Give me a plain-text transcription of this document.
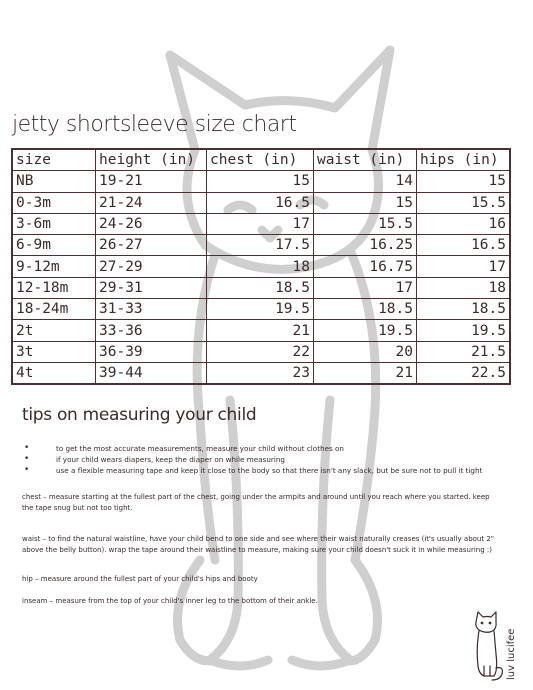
jetty shortsleeve size chart
size	height (in)	chest (in)	waist (in)	hips (in)
NB	19-21	15	14	15
0-3m	21-24	16.5	15	15.5
3-6m	24-26	17	15.5	16
6-9m	26-27	17.5	16.25	16.5
9-12m	27-29	18	16.75	17
12-18m	29-31	18.5	17	18
18-24m	31-33	19.5	18.5	18.5
2t	33-36	21	19.5	19.5
3t	36-39	22	20	21.5
4t	39-44	23	21	22.5
tips on measuring your child
•	to get the most accurate measurements, measure your child without clothes on
•	if your child wears diapers, keep the diaper on while measuring
•	use a flexible measuring tape and keep it close to the body so that there isn't any slack, but be sure not to pull it tight
chest – measure starting at the fullest part of the chest, going under the armpits and around until you reach where you started. keep the tape snug but not too tight.
waist – to find the natural waistline, have your child bend to one side and see where their waist naturally creases (it's usually about 2" above the belly button). wrap the tape around their waistline to measure, making sure your child doesn't suck it in while measuring :)
hip – measure around the fullest part of your child's hips and booty
inseam – measure from the top of your child's inner leg to the bottom of their ankle.
luv lucifee
